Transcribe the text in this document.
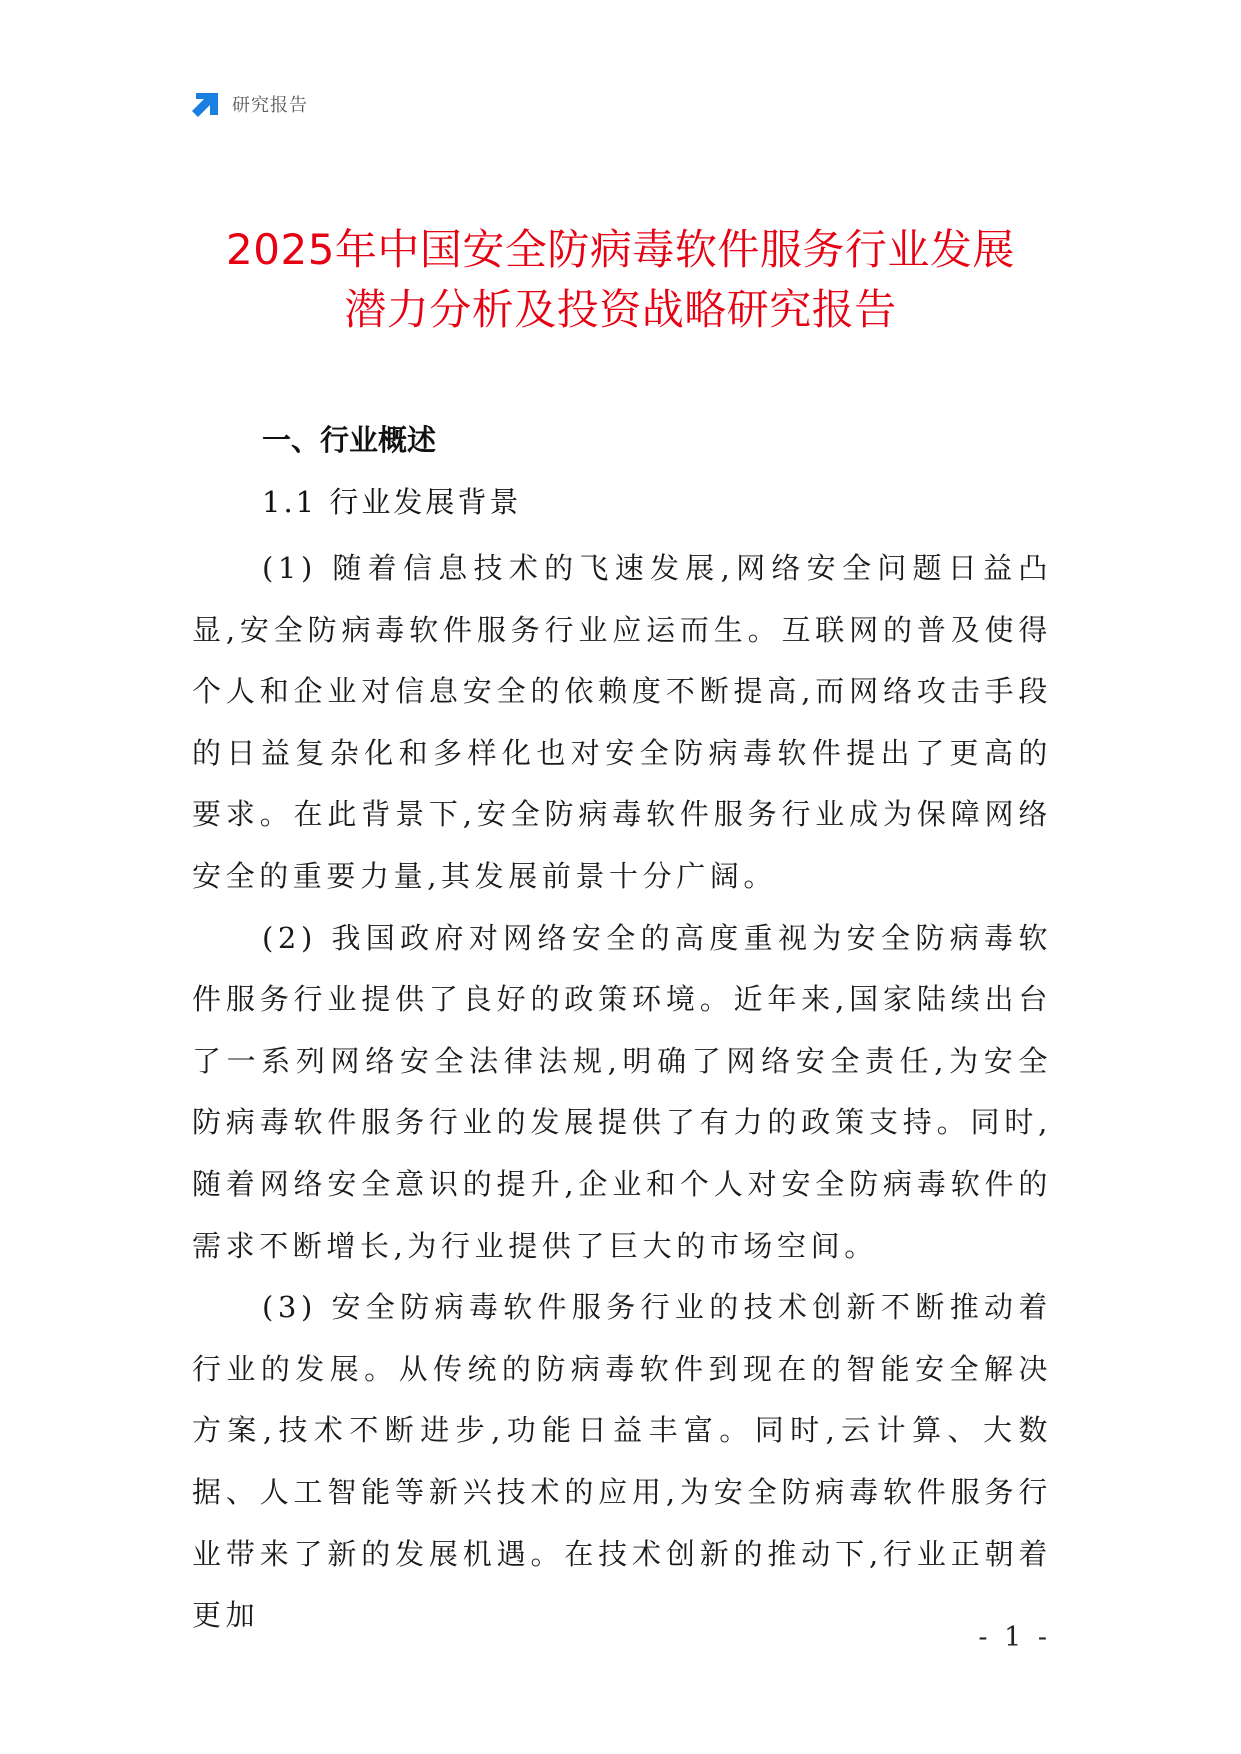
研究报告
2025年中国安全防病毒软件服务行业发展
潜力分析及投资战略研究报告
一、行业概述
1.1 行业发展背景

(1) 随着信息技术的飞速发展,网络安全问题日益凸显,安全防病毒软件服务行业应运而生。互联网的普及使得个人和企业对信息安全的依赖度不断提高,而网络攻击手段的日益复杂化和多样化也对安全防病毒软件提出了更高的要求。在此背景下,安全防病毒软件服务行业成为保障网络安全的重要力量,其发展前景十分广阔。

(2) 我国政府对网络安全的高度重视为安全防病毒软件服务行业提供了良好的政策环境。近年来,国家陆续出台了一系列网络安全法律法规,明确了网络安全责任,为安全防病毒软件服务行业的发展提供了有力的政策支持。同时,随着网络安全意识的提升,企业和个人对安全防病毒软件的需求不断增长,为行业提供了巨大的市场空间。

(3) 安全防病毒软件服务行业的技术创新不断推动着行业的发展。从传统的防病毒软件到现在的智能安全解决方案,技术不断进步,功能日益丰富。同时,云计算、大数据、人工智能等新兴技术的应用,为安全防病毒软件服务行业带来了新的发展机遇。在技术创新的推动下,行业正朝着更加

- 1 -
